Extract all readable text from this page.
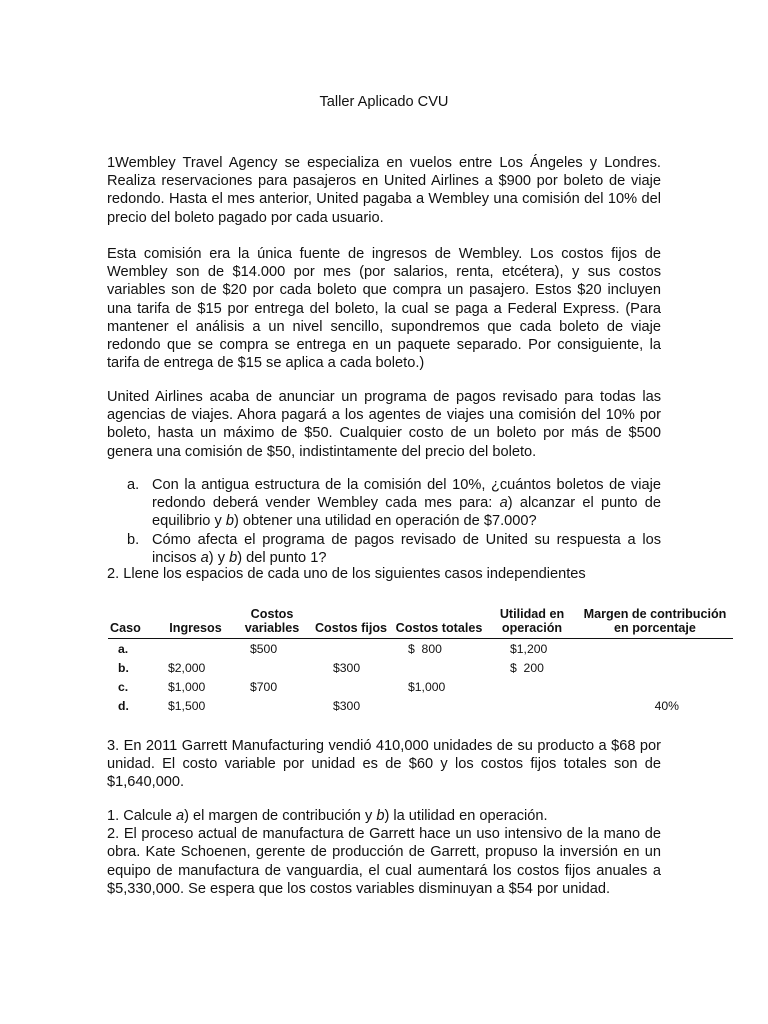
Taller Aplicado CVU

1Wembley Travel Agency se especializa en vuelos entre Los Ángeles y Londres. Realiza reservaciones para pasajeros en United Airlines a $900 por boleto de viaje redondo. Hasta el mes anterior, United pagaba a Wembley una comisión del 10% del precio del boleto pagado por cada usuario.

Esta comisión era la única fuente de ingresos de Wembley. Los costos fijos de Wembley son de $14.000 por mes (por salarios, renta, etcétera), y sus costos variables son de $20 por cada boleto que compra un pasajero. Estos $20 incluyen una tarifa de $15 por entrega del boleto, la cual se paga a Federal Express. (Para mantener el análisis a un nivel sencillo, supondremos que cada boleto de viaje redondo que se compra se entrega en un paquete separado. Por consiguiente, la tarifa de entrega de $15 se aplica a cada boleto.)

United Airlines acaba de anunciar un programa de pagos revisado para todas las agencias de viajes. Ahora pagará a los agentes de viajes una comisión del 10% por boleto, hasta un máximo de $50. Cualquier costo de un boleto por más de $500 genera una comisión de $50, indistintamente del precio del boleto.

a. Con la antigua estructura de la comisión del 10%, ¿cuántos boletos de viaje redondo deberá vender Wembley cada mes para: a) alcanzar el punto de equilibrio y b) obtener una utilidad en operación de $7.000?
b. Cómo afecta el programa de pagos revisado de United su respuesta a los incisos a) y b) del punto 1?

2. Llene los espacios de cada uno de los siguientes casos independientes

Caso	Ingresos	Costos variables	Costos fijos	Costos totales	Utilidad en operación	Margen de contribución en porcentaje
a.		$500		$  800	$1,200	
b.	$2,000		$300		$  200	
c.	$1,000	$700		$1,000		
d.	$1,500		$300			40%

3. En 2011 Garrett Manufacturing vendió 410,000 unidades de su producto a $68 por unidad. El costo variable por unidad es de $60 y los costos fijos totales son de $1,640,000.

1. Calcule a) el margen de contribución y b) la utilidad en operación.
2. El proceso actual de manufactura de Garrett hace un uso intensivo de la mano de obra. Kate Schoenen, gerente de producción de Garrett, propuso la inversión en un equipo de manufactura de vanguardia, el cual aumentará los costos fijos anuales a $5,330,000. Se espera que los costos variables disminuyan a $54 por unidad.
